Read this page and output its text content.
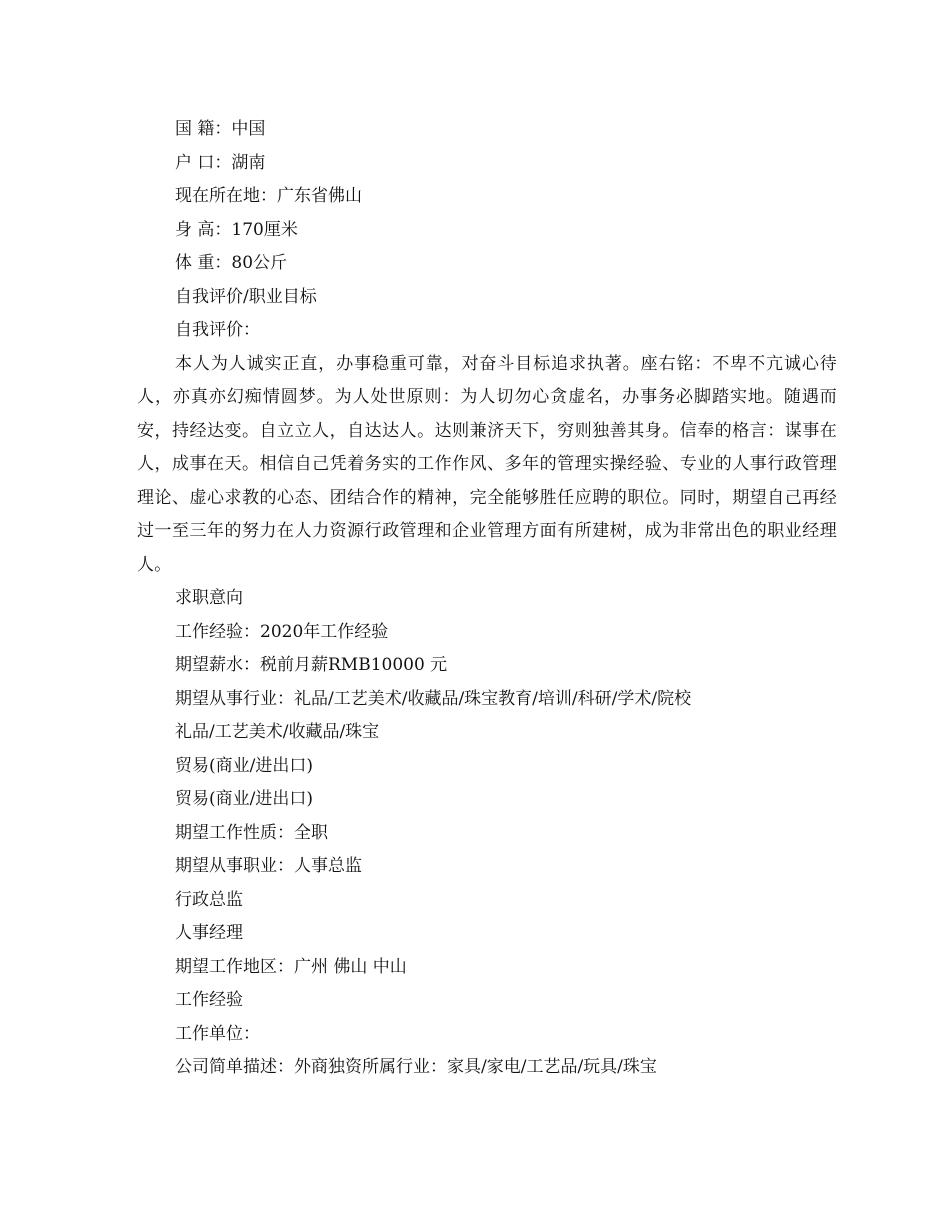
国 籍：中国
户 口：湖南
现在所在地：广东省佛山
身 高：170厘米
体 重：80公斤
自我评价/职业目标
自我评价：

本人为人诚实正直，办事稳重可靠，对奋斗目标追求执著。座右铭：不卑不亢诚心待人，亦真亦幻痴情圆梦。为人处世原则：为人切勿心贪虚名，办事务必脚踏实地。随遇而安，持经达变。自立立人，自达达人。达则兼济天下，穷则独善其身。信奉的格言：谋事在人，成事在天。相信自己凭着务实的工作作风、多年的管理实操经验、专业的人事行政管理理论、虚心求教的心态、团结合作的精神，完全能够胜任应聘的职位。同时，期望自己再经过一至三年的努力在人力资源行政管理和企业管理方面有所建树，成为非常出色的职业经理人。

求职意向
工作经验：2020年工作经验
期望薪水：税前月薪RMB10000 元
期望从事行业：礼品/工艺美术/收藏品/珠宝教育/培训/科研/学术/院校
礼品/工艺美术/收藏品/珠宝
贸易(商业/进出口)
贸易(商业/进出口)
期望工作性质：全职
期望从事职业：人事总监
行政总监
人事经理
期望工作地区：广州 佛山 中山
工作经验
工作单位：
公司简单描述：外商独资所属行业：家具/家电/工艺品/玩具/珠宝
